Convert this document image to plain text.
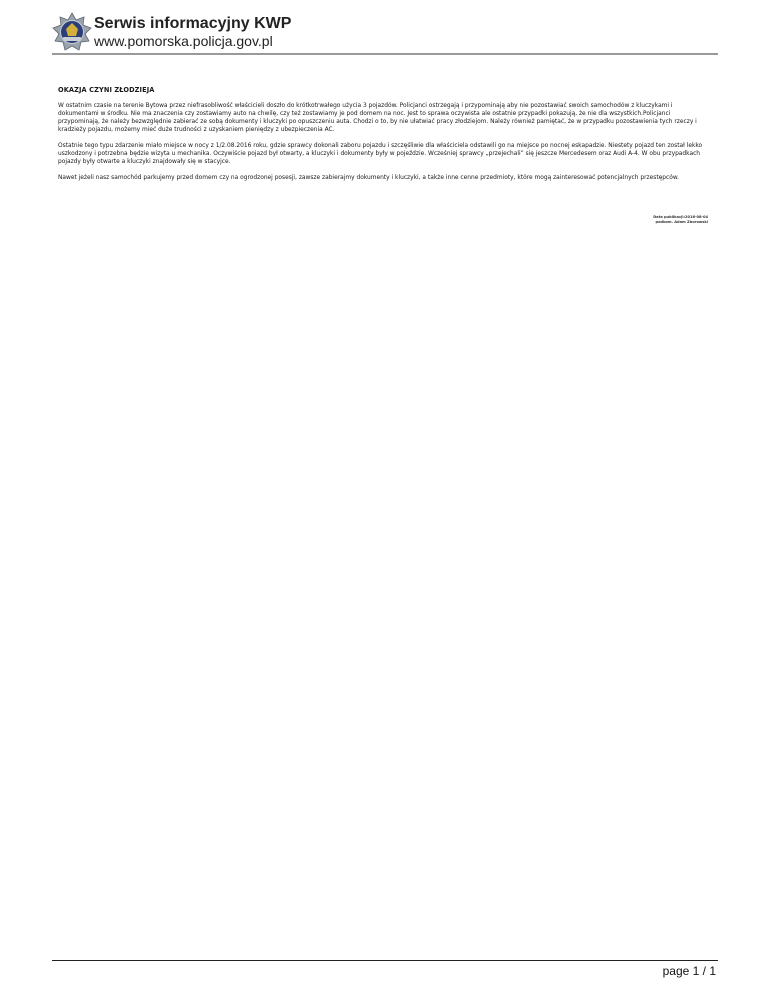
Serwis informacyjny KWP
www.pomorska.policja.gov.pl
OKAZJA CZYNI ZŁODZIEJA

W ostatnim czasie na terenie Bytowa przez niefrasobliwość właścicieli doszło do krótkotrwałego użycia 3 pojazdów. Policjanci ostrzegają i przypominają aby nie pozostawiać swoich samochodów z kluczykami i dokumentami w środku. Nie ma znaczenia czy zostawiamy auto na chwilę, czy też zostawiamy je pod domem na noc. Jest to sprawa oczywista ale ostatnie przypadki pokazują, że nie dla wszystkich.Policjanci przypominają, że należy bezwzględnie zabierać ze sobą dokumenty i kluczyki po opuszczeniu auta. Chodzi o to, by nie ułatwiać pracy złodziejom. Należy również pamiętać, że w przypadku pozostawienia tych rzeczy i kradzieży pojazdu, możemy mieć duże trudności z uzyskaniem pieniędzy z ubezpieczenia AC.

Ostatnie tego typu zdarzenie miało miejsce w nocy z 1/2.08.2016 roku, gdzie sprawcy dokonali zaboru pojazdu i szczęśliwie dla właściciela odstawili go na miejsce po nocnej eskapadzie. Niestety pojazd ten został lekko uszkodzony i potrzebna będzie wizyta u mechanika. Oczywiście pojazd był otwarty, a kluczyki i dokumenty były w pojeździe. Wcześniej sprawcy „przejechali” się jeszcze Mercedesem oraz Audi A-4. W obu przypadkach pojazdy były otwarte a kluczyki znajdowały się w stacyjce.

Nawet jeżeli nasz samochód parkujemy przed domem czy na ogrodzonej posesji, zawsze zabierajmy dokumenty i kluczyki, a także inne cenne przedmioty, które mogą zainteresować potencjalnych przestępców.

Data publikacji:2016-08-04
podkom. Adam Zborowski
page 1 / 1
